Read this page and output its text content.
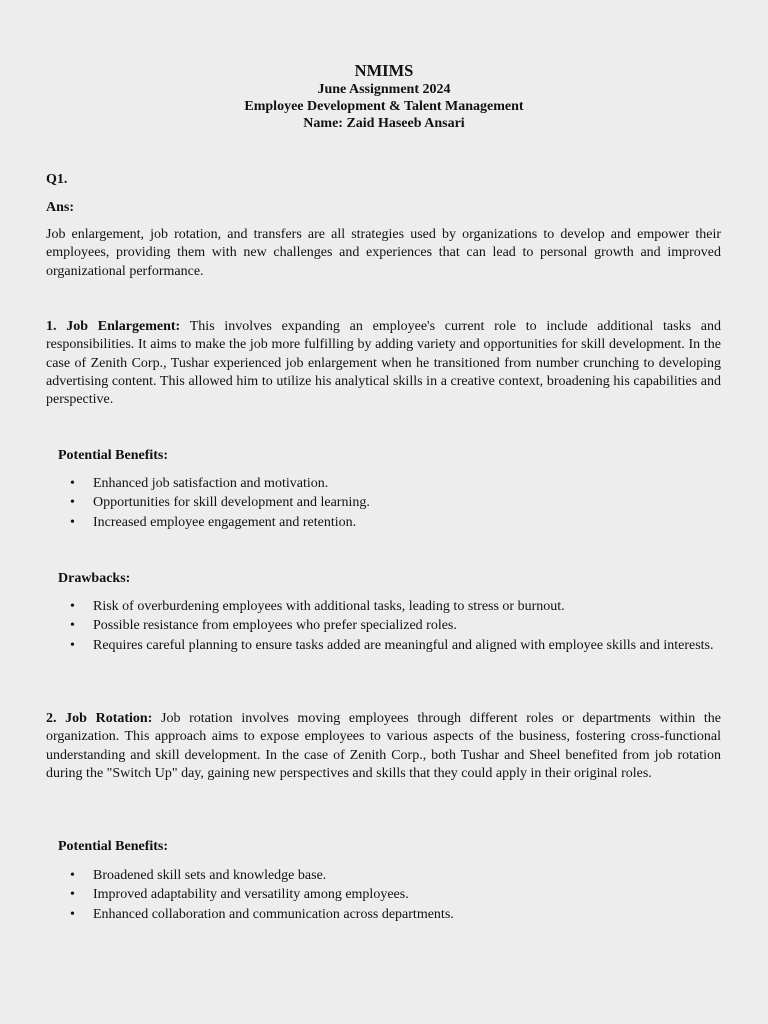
NMIMS
June Assignment 2024
Employee Development & Talent Management
Name: Zaid Haseeb Ansari
Q1.
Ans:
Job enlargement, job rotation, and transfers are all strategies used by organizations to develop and empower their employees, providing them with new challenges and experiences that can lead to personal growth and improved organizational performance.
1. Job Enlargement: This involves expanding an employee's current role to include additional tasks and responsibilities. It aims to make the job more fulfilling by adding variety and opportunities for skill development. In the case of Zenith Corp., Tushar experienced job enlargement when he transitioned from number crunching to developing advertising content. This allowed him to utilize his analytical skills in a creative context, broadening his capabilities and perspective.
Potential Benefits:
• Enhanced job satisfaction and motivation.
• Opportunities for skill development and learning.
• Increased employee engagement and retention.
Drawbacks:
• Risk of overburdening employees with additional tasks, leading to stress or burnout.
• Possible resistance from employees who prefer specialized roles.
• Requires careful planning to ensure tasks added are meaningful and aligned with employee skills and interests.
2. Job Rotation: Job rotation involves moving employees through different roles or departments within the organization. This approach aims to expose employees to various aspects of the business, fostering cross-functional understanding and skill development. In the case of Zenith Corp., both Tushar and Sheel benefited from job rotation during the "Switch Up" day, gaining new perspectives and skills that they could apply in their original roles.
Potential Benefits:
• Broadened skill sets and knowledge base.
• Improved adaptability and versatility among employees.
• Enhanced collaboration and communication across departments.
